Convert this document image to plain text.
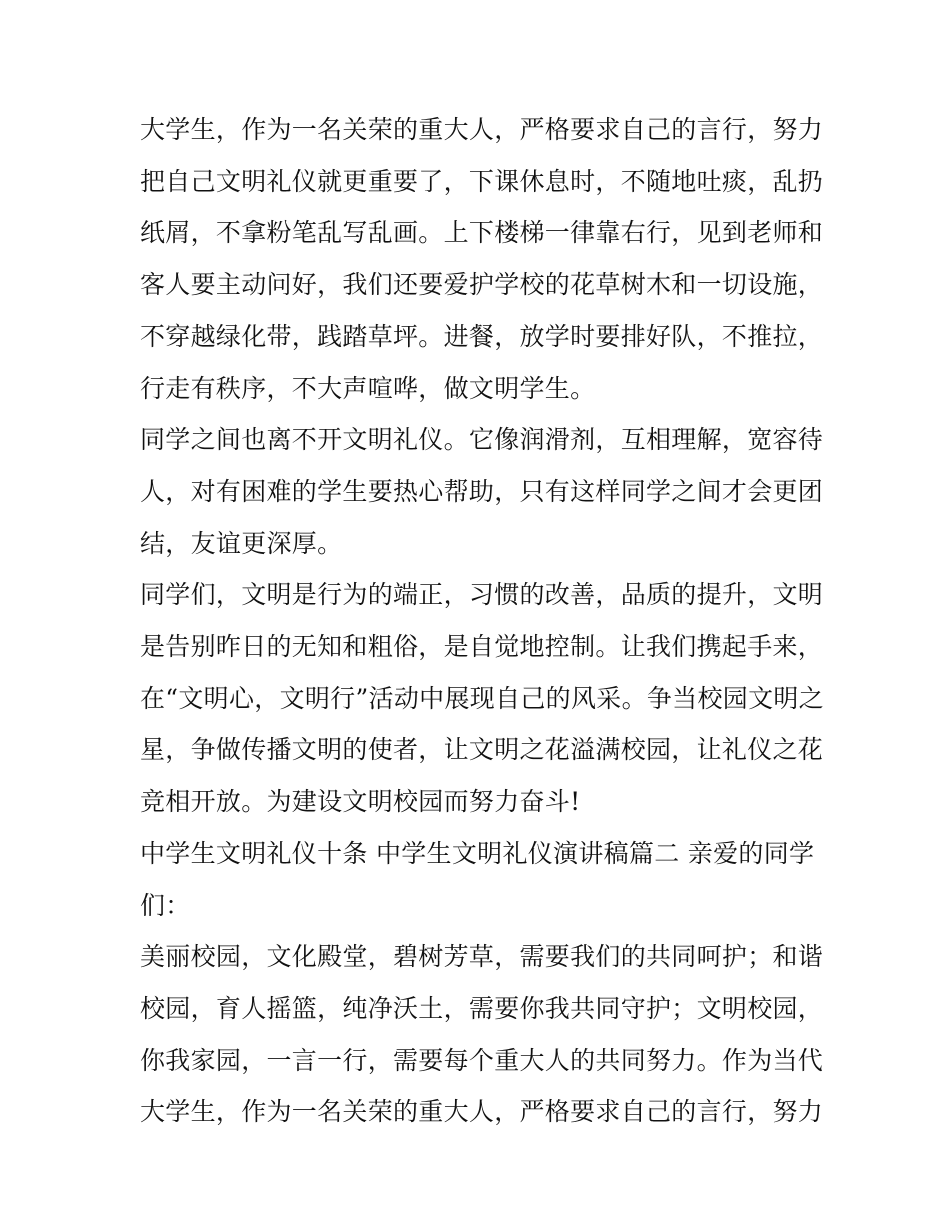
大学生，作为一名关荣的重大人，严格要求自己的言行，努力
把自己文明礼仪就更重要了，下课休息时，不随地吐痰，乱扔
纸屑，不拿粉笔乱写乱画。上下楼梯一律靠右行，见到老师和
客人要主动问好，我们还要爱护学校的花草树木和一切设施，
不穿越绿化带，践踏草坪。进餐，放学时要排好队，不推拉，
行走有秩序，不大声喧哗，做文明学生。
同学之间也离不开文明礼仪。它像润滑剂，互相理解，宽容待
人，对有困难的学生要热心帮助，只有这样同学之间才会更团
结，友谊更深厚。
同学们，文明是行为的端正，习惯的改善，品质的提升，文明
是告别昨日的无知和粗俗，是自觉地控制。让我们携起手来，
在“文明心，文明行”活动中展现自己的风采。争当校园文明之
星，争做传播文明的使者，让文明之花溢满校园，让礼仪之花
竞相开放。为建设文明校园而努力奋斗!
中学生文明礼仪十条 中学生文明礼仪演讲稿篇二 亲爱的同学
们：
美丽校园，文化殿堂，碧树芳草，需要我们的共同呵护；和谐
校园，育人摇篮，纯净沃土，需要你我共同守护；文明校园，
你我家园，一言一行，需要每个重大人的共同努力。作为当代
大学生，作为一名关荣的重大人，严格要求自己的言行，努力
